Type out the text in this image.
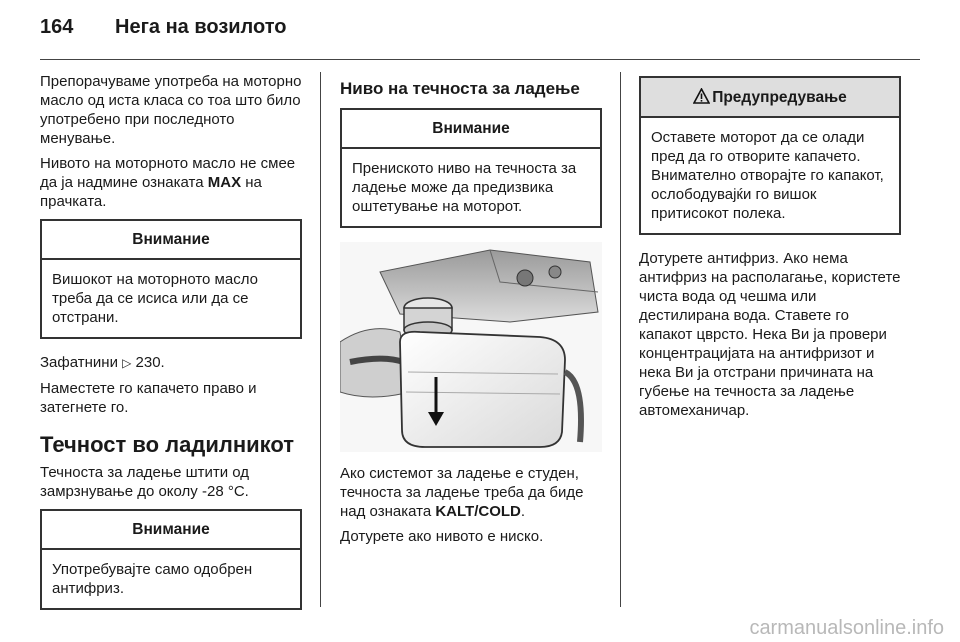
164 Нега на возилото

Препорачуваме употреба на моторно масло од иста класа со тоа што било употребено при последното менување.

Нивото на моторното масло не смее да ја надмине ознаката MAX на прачката.

Внимание
Вишокот на моторното масло треба да се исиса или да се отстрани.

Зафатнини ▷ 230.

Наместете го капачето право и затегнете го.

Течност во ладилникот

Течноста за ладење штити од замрзнување до околу -28 °C.

Внимание
Употребувајте само одобрен антифриз.
Ниво на течноста за ладење
Внимание
Прениското ниво на течноста за ладење може да предизвика оштетување на моторот.

Ако системот за ладење е студен, течноста за ладење треба да биде над ознаката KALT/COLD.

Дотурете ако нивото е ниско.

Предупредување
Оставете моторот да се олади пред да го отворите капачето. Внимателно отворајте го капакот, ослободувајќи го вишок притисокот полека.

Дотурете антифриз. Ако нема антифриз на располагање, користете чиста вода од чешма или дестилирана вода. Ставете го капакот цврсто. Нека Ви ја провери концентрацијата на антифризот и нека Ви ја отстрани причината на губење на течноста за ладење автомеханичар.

carmanualsonline.info
